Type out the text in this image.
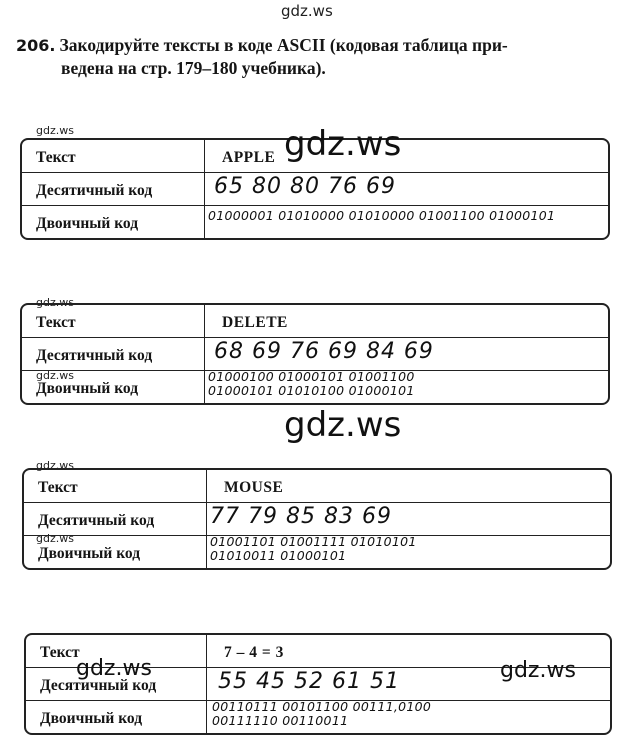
gdz.ws
206. Закодируйте тексты в коде ASCII (кодовая таблица при-
ведена на стр. 179–180 учебника).
gdz.ws
Текст
Десятичный код
Двоичный код
APPLE
65 80 80 76 69
01000001 01010000 01010000 01001100 01000101
gdz.ws
gdz.ws
Текст
Десятичный код
Двоичный код
DELETE
68 69 76 69 84 69
01000100 01000101 01001100
01000101 01010100 01000101
gdz.ws
gdz.ws
gdz.ws
Текст
Десятичный код
Двоичный код
MOUSE
77 79 85 83 69
01001101 01001111 01010101
01010011 01000101
gdz.ws
Текст
Десятичный код
Двоичный код
7 – 4 = 3
55 45 52 61 51
00110111 00101100 00111,0100
00111110 00110011
gdz.ws	gdz.ws
